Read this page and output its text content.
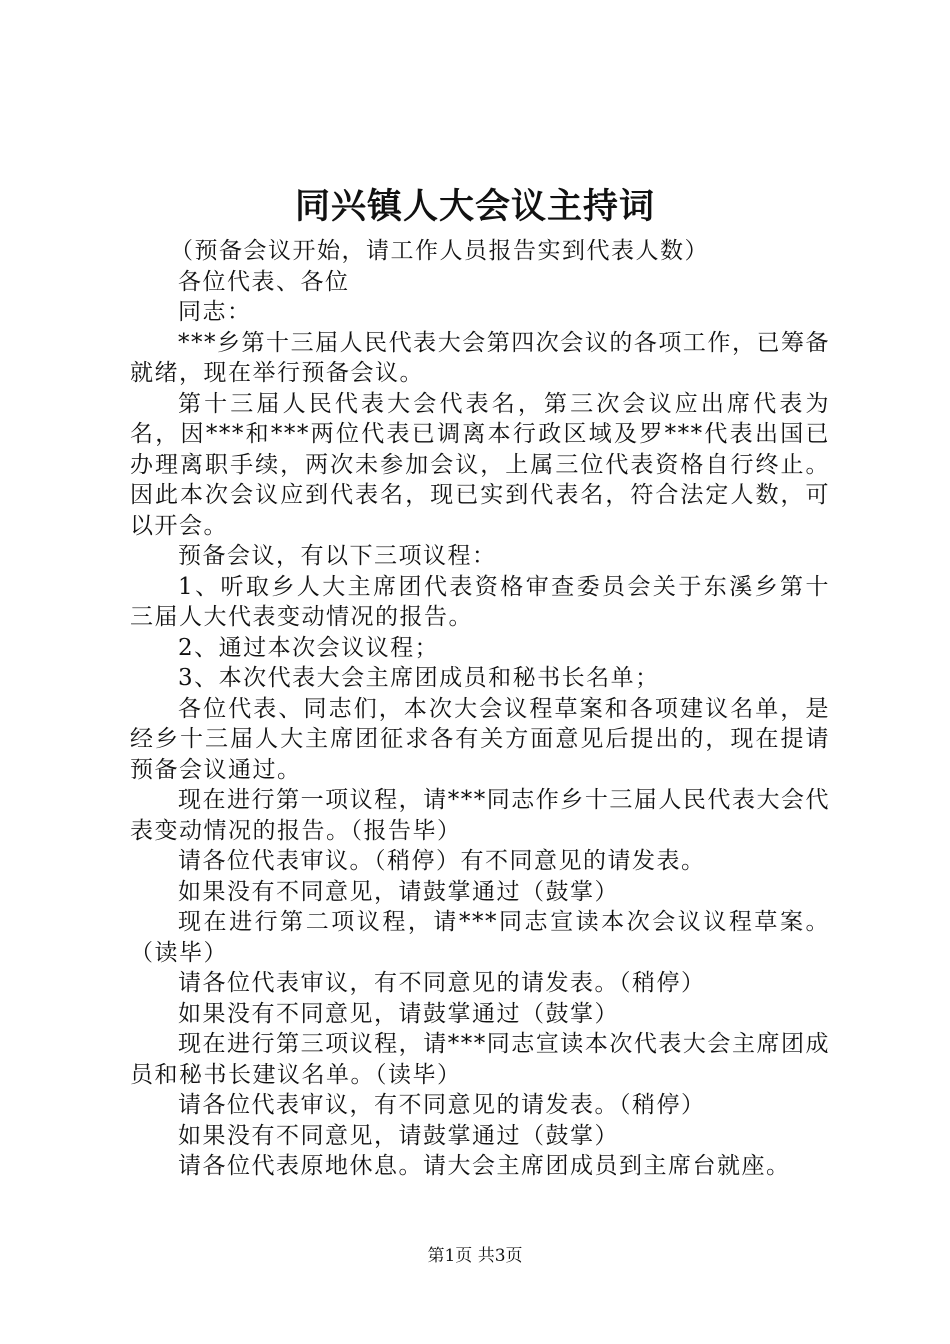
同兴镇人大会议主持词

（预备会议开始，请工作人员报告实到代表人数）

各位代表、各位

同志：

***乡第十三届人民代表大会第四次会议的各项工作，已筹备就绪，现在举行预备会议。

第十三届人民代表大会代表名，第三次会议应出席代表为名，因***和***两位代表已调离本行政区域及罗***代表出国已办理离职手续，两次未参加会议，上属三位代表资格自行终止。因此本次会议应到代表名，现已实到代表名，符合法定人数，可以开会。

预备会议，有以下三项议程：

1、听取乡人大主席团代表资格审查委员会关于东溪乡第十三届人大代表变动情况的报告。

2、通过本次会议议程；

3、本次代表大会主席团成员和秘书长名单；

各位代表、同志们，本次大会议程草案和各项建议名单，是经乡十三届人大主席团征求各有关方面意见后提出的，现在提请预备会议通过。

现在进行第一项议程，请***同志作乡十三届人民代表大会代表变动情况的报告。（报告毕）

请各位代表审议。（稍停）有不同意见的请发表。

如果没有不同意见，请鼓掌通过（鼓掌）

现在进行第二项议程，请***同志宣读本次会议议程草案。（读毕）

请各位代表审议，有不同意见的请发表。（稍停）

如果没有不同意见，请鼓掌通过（鼓掌）

现在进行第三项议程，请***同志宣读本次代表大会主席团成员和秘书长建议名单。（读毕）

请各位代表审议，有不同意见的请发表。（稍停）

如果没有不同意见，请鼓掌通过（鼓掌）

请各位代表原地休息。请大会主席团成员到主席台就座。

第1页 共3页
